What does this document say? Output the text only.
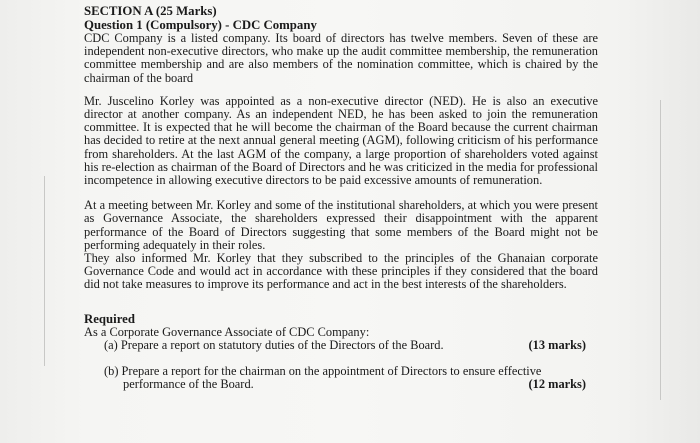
SECTION A (25 Marks)
Question 1 (Compulsory) - CDC Company

CDC Company is a listed company. Its board of directors has twelve members. Seven of these are independent non-executive directors, who make up the audit committee membership, the remuneration committee membership and are also members of the nomination committee, which is chaired by the chairman of the board

Mr. Juscelino Korley was appointed as a non-executive director (NED). He is also an executive director at another company. As an independent NED, he has been asked to join the remuneration committee. It is expected that he will become the chairman of the Board because the current chairman has decided to retire at the next annual general meeting (AGM), following criticism of his performance from shareholders. At the last AGM of the company, a large proportion of shareholders voted against his re-election as chairman of the Board of Directors and he was criticized in the media for professional incompetence in allowing executive directors to be paid excessive amounts of remuneration.

At a meeting between Mr. Korley and some of the institutional shareholders, at which you were present as Governance Associate, the shareholders expressed their disappointment with the apparent performance of the Board of Directors suggesting that some members of the Board might not be performing adequately in their roles.

They also informed Mr. Korley that they subscribed to the principles of the Ghanaian corporate Governance Code and would act in accordance with these principles if they considered that the board did not take measures to improve its performance and act in the best interests of the shareholders.

Required
As a Corporate Governance Associate of CDC Company:
(a) Prepare a report on statutory duties of the Directors of the Board.	(13 marks)
(b) Prepare a report for the chairman on the appointment of Directors to ensure effective
performance of the Board.	(12 marks)
